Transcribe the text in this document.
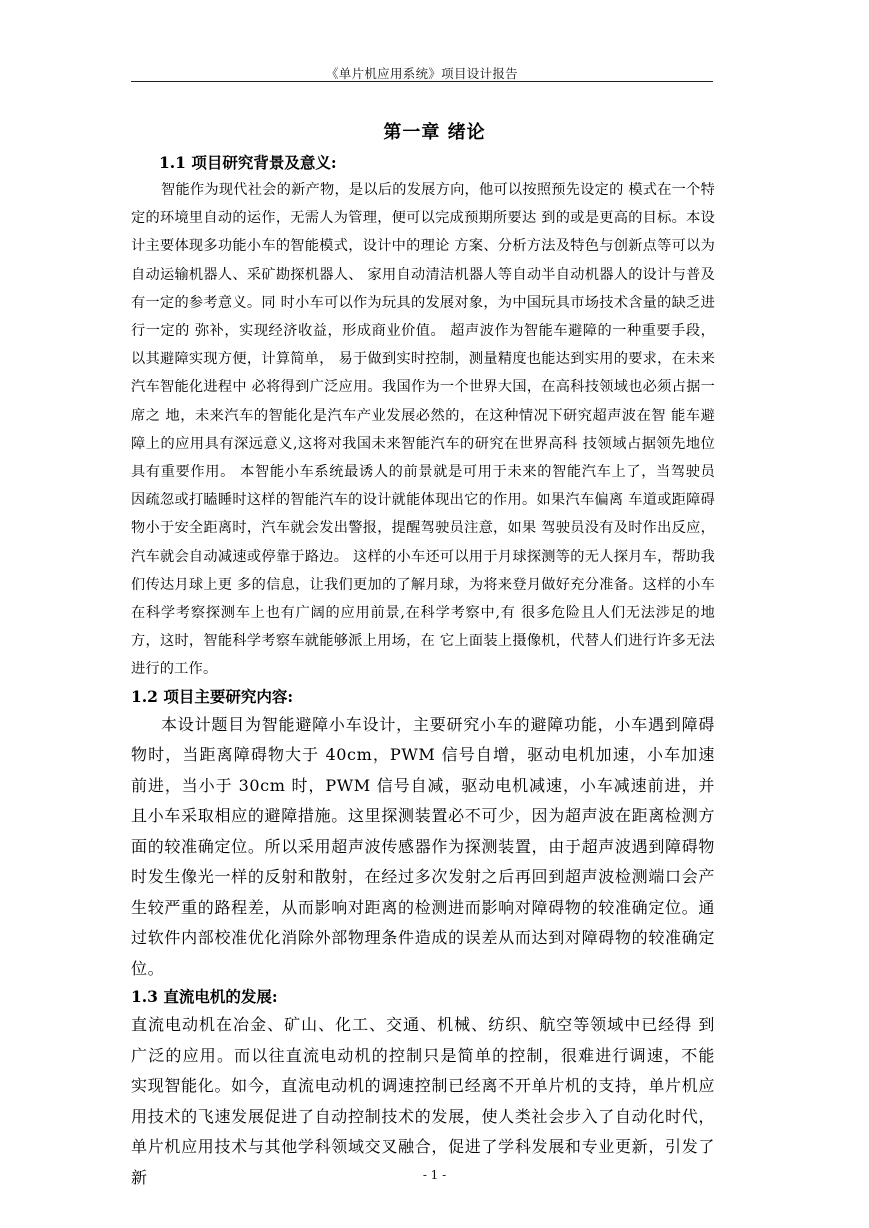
《单片机应用系统》项目设计报告
第一章 绪论
1.1 项目研究背景及意义:

智能作为现代社会的新产物，是以后的发展方向，他可以按照预先设定的 模式在一个特定的环境里自动的运作，无需人为管理，便可以完成预期所要达 到的或是更高的目标。本设计主要体现多功能小车的智能模式，设计中的理论 方案、分析方法及特色与创新点等可以为自动运输机器人、采矿勘探机器人、 家用自动清洁机器人等自动半自动机器人的设计与普及有一定的参考意义。同 时小车可以作为玩具的发展对象，为中国玩具市场技术含量的缺乏进行一定的 弥补，实现经济收益，形成商业价值。 超声波作为智能车避障的一种重要手段，以其避障实现方便，计算简单， 易于做到实时控制，测量精度也能达到实用的要求，在未来汽车智能化进程中 必将得到广泛应用。我国作为一个世界大国，在高科技领域也必须占据一席之 地，未来汽车的智能化是汽车产业发展必然的，在这种情况下研究超声波在智 能车避障上的应用具有深远意义,这将对我国未来智能汽车的研究在世界高科 技领域占据领先地位具有重要作用。 本智能小车系统最诱人的前景就是可用于未来的智能汽车上了，当驾驶员 因疏忽或打瞌睡时这样的智能汽车的设计就能体现出它的作用。如果汽车偏离 车道或距障碍物小于安全距离时，汽车就会发出警报，提醒驾驶员注意，如果 驾驶员没有及时作出反应，汽车就会自动减速或停靠于路边。 这样的小车还可以用于月球探测等的无人探月车，帮助我们传达月球上更 多的信息，让我们更加的了解月球，为将来登月做好充分准备。这样的小车在科学考察探测车上也有广阔的应用前景,在科学考察中,有 很多危险且人们无法涉足的地方，这时，智能科学考察车就能够派上用场，在 它上面装上摄像机，代替人们进行许多无法进行的工作。

1.2 项目主要研究内容:

本设计题目为智能避障小车设计，主要研究小车的避障功能，小车遇到障碍物时，当距离障碍物大于 40cm，PWM 信号自增，驱动电机加速，小车加速前进，当小于 30cm 时，PWM 信号自减，驱动电机减速，小车减速前进，并且小车采取相应的避障措施。这里探测装置必不可少，因为超声波在距离检测方面的较准确定位。所以采用超声波传感器作为探测装置，由于超声波遇到障碍物时发生像光一样的反射和散射，在经过多次发射之后再回到超声波检测端口会产生较严重的路程差，从而影响对距离的检测进而影响对障碍物的较准确定位。通过软件内部校准优化消除外部物理条件造成的误差从而达到对障碍物的较准确定位。

1.3 直流电机的发展:

直流电动机在冶金、矿山、化工、交通、机械、纺织、航空等领域中已经得 到广泛的应用。而以往直流电动机的控制只是简单的控制，很难进行调速，不能 实现智能化。如今，直流电动机的调速控制已经离不开单片机的支持，单片机应 用技术的飞速发展促进了自动控制技术的发展，使人类社会步入了自动化时代， 单片机应用技术与其他学科领域交叉融合，促进了学科发展和专业更新，引发了 新	- 1 -
